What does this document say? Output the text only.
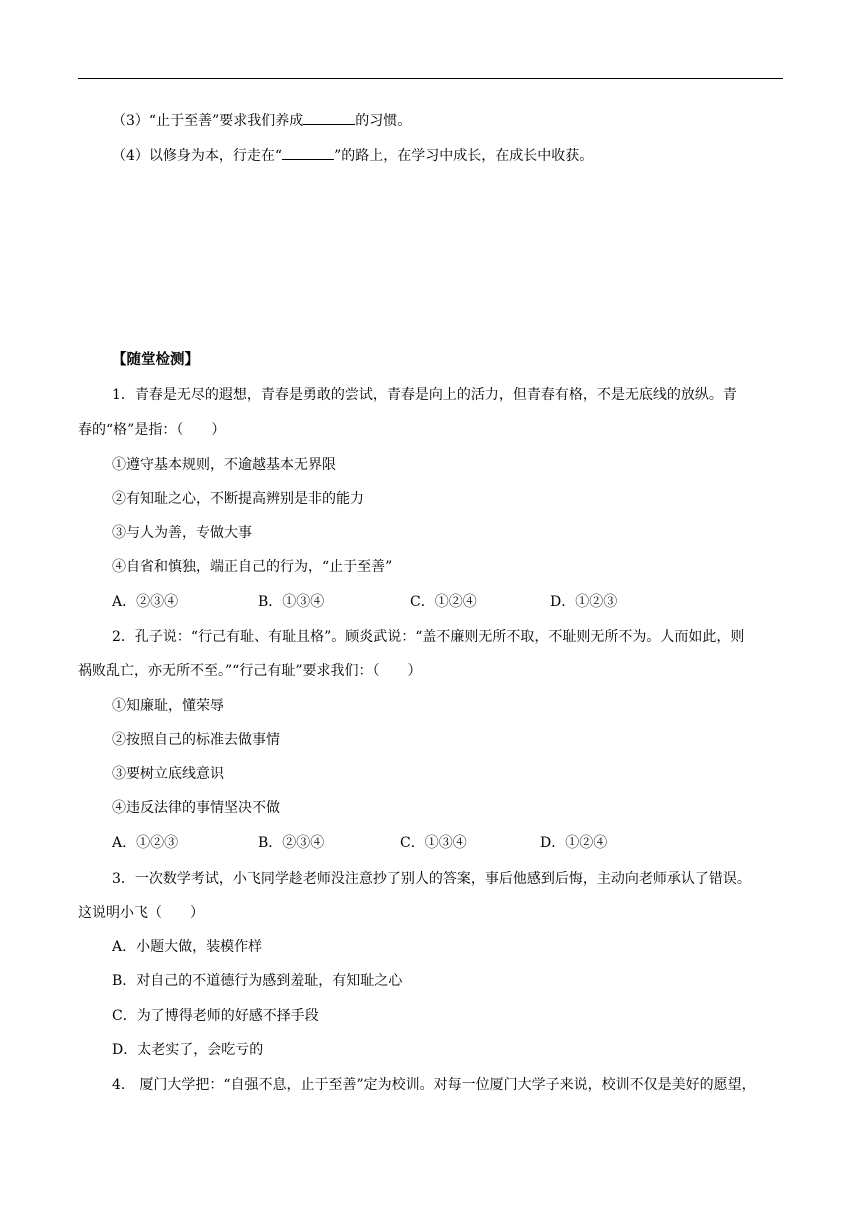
（3）“止于至善”要求我们养成	的习惯。
（4）以修身为本，行走在“	”的路上，在学习中成长，在成长中收获。
【随堂检测】
1．青春是无尽的遐想，青春是勇敢的尝试，青春是向上的活力，但青春有格，不是无底线的放纵。青
春的“格”是指：（　　）
①遵守基本规则，不逾越基本无界限
②有知耻之心，不断提高辨别是非的能力
③与人为善，专做大事
④自省和慎独，端正自己的行为，“止于至善”
A．②③④	B．①③④	C．①②④	D．①②③
2．孔子说：“行己有耻、有耻且格”。顾炎武说：“盖不廉则无所不取，不耻则无所不为。人而如此，则
祸败乱亡，亦无所不至。”“行己有耻”要求我们：（　　）
①知廉耻，懂荣辱
②按照自己的标准去做事情
③要树立底线意识
④违反法律的事情坚决不做
A．①②③	B．②③④	C．①③④	D．①②④
3．一次数学考试，小飞同学趁老师没注意抄了别人的答案，事后他感到后悔，主动向老师承认了错误。
这说明小飞（　　）
A．小题大做，装模作样
B．对自己的不道德行为感到羞耻，有知耻之心
C．为了博得老师的好感不择手段
D．太老实了，会吃亏的
4． 厦门大学把：“自强不息，止于至善”定为校训。对每一位厦门大学子来说，校训不仅是美好的愿望，
